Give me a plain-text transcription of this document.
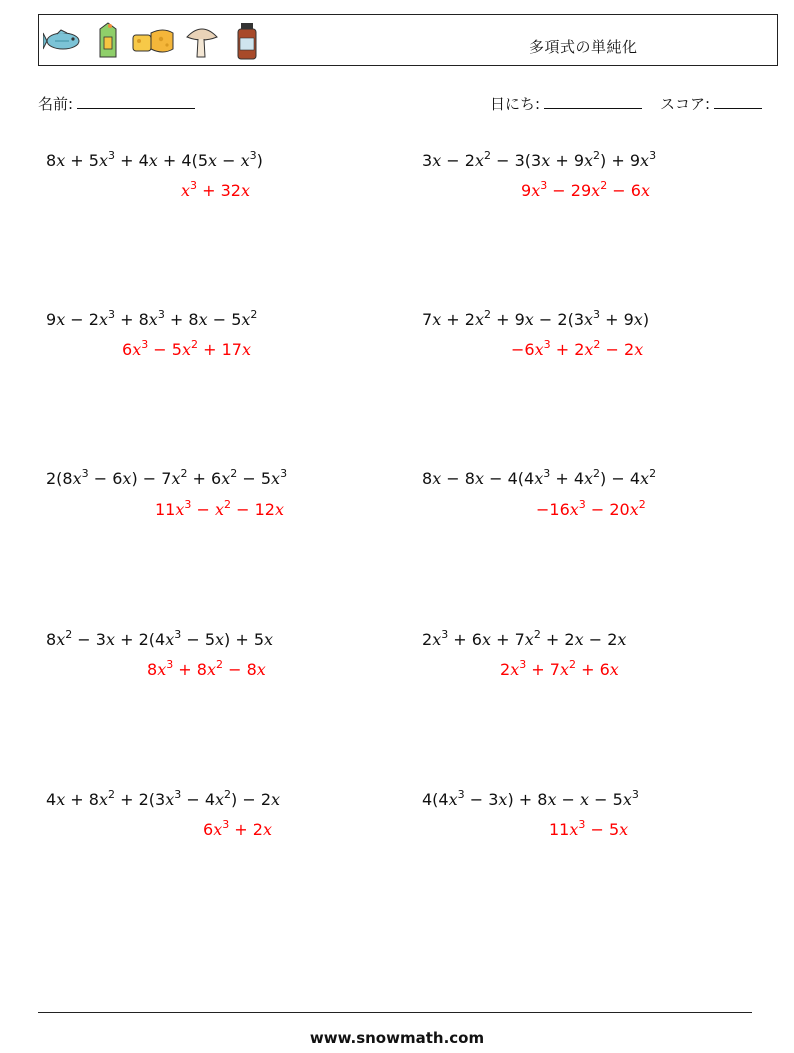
多項式の単純化
名前:	日にち:	スコア:
$8x + 5x^3 + 4x + 4(5x - x^3)$
$x^3 + 32x$
$3x - 2x^2 - 3(3x + 9x^2) + 9x^3$
$9x^3 - 29x^2 - 6x$
$9x - 2x^3 + 8x^3 + 8x - 5x^2$
$6x^3 - 5x^2 + 17x$
$7x + 2x^2 + 9x - 2(3x^3 + 9x)$
$-6x^3 + 2x^2 - 2x$
$2(8x^3 - 6x) - 7x^2 + 6x^2 - 5x^3$
$11x^3 - x^2 - 12x$
$8x - 8x - 4(4x^3 + 4x^2) - 4x^2$
$-16x^3 - 20x^2$
$8x^2 - 3x + 2(4x^3 - 5x) + 5x$
$8x^3 + 8x^2 - 8x$
$2x^3 + 6x + 7x^2 + 2x - 2x$
$2x^3 + 7x^2 + 6x$
$4x + 8x^2 + 2(3x^3 - 4x^2) - 2x$
$6x^3 + 2x$
$4(4x^3 - 3x) + 8x - x - 5x^3$
$11x^3 - 5x$
www.snowmath.com
